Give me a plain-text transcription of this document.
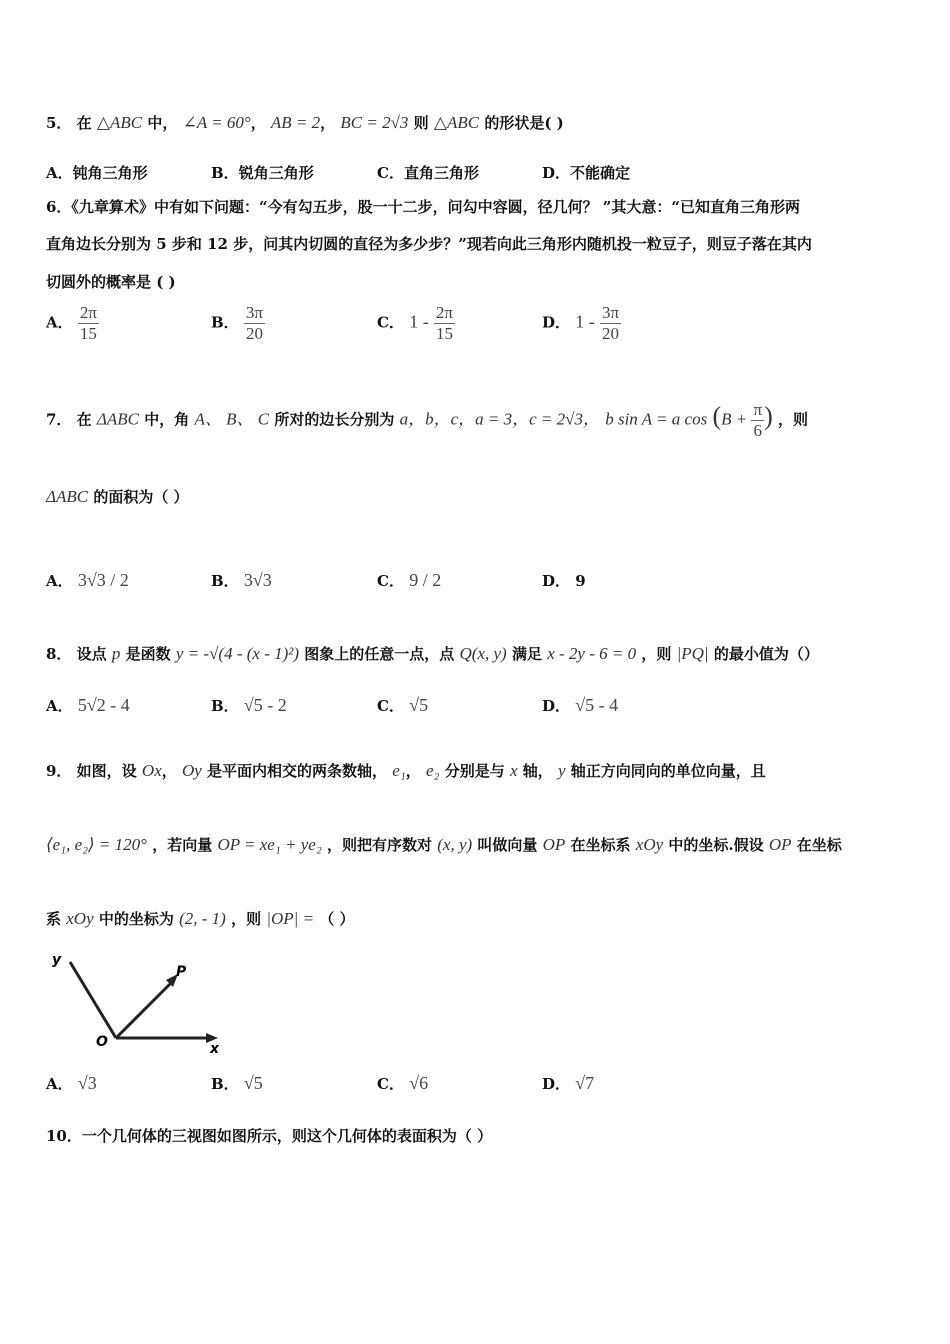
5． 在 △ABC 中， ∠A = 60°， AB = 2， BC = 2√3 则 △ABC 的形状是( )
A．钝角三角形	B．锐角三角形	C．直角三角形	D．不能确定
6．《九章算术》中有如下问题：“今有勾五步，股一十二步，问勾中容圆，径几何？ ”其大意：“已知直角三角形两
直角边长分别为 5 步和 12 步，问其内切圆的直径为多少步？”现若向此三角形内随机投一粒豆子，则豆子落在其内
切圆外的概率是 ( )
A． $\frac{2\pi}{15}$	B． $\frac{3\pi}{20}$	C． $1 - \frac{2\pi}{15}$	D． $1 - \frac{3\pi}{20}$
7． 在 ΔABC 中，角 A、 B、 C 所对的边长分别为 a，b，c，a = 3，c = 2√3， b sin A = a $\cos (B + \frac{\pi}{6}$ ) ，则
ΔABC 的面积为（ ）
A． 3√3 / 2	B． 3√3	C． 9 / 2	D． 9
8． 设点 p 是函数 y = -√(4 - (x - 1)²) 图象上的任意一点，点 Q(x, y) 满足 x - 2y - 6 = 0 ，则 |PQ| 的最小值为（）
A． 5√2 - 4	B． √5 - 2	C． √5	D． √5 - 4
9． 如图，设 Ox， Oy 是平面内相交的两条数轴， e₁， e₂ 分别是与 x 轴， y 轴正方向同向的单位向量，且
⟨e₁, e₂⟩ = 120° ，若向量 OP = xe₁ + ye₂ ，则把有序数对 (x, y) 叫做向量 OP 在坐标系 xOy 中的坐标.假设 OP 在坐标
系 xOy 中的坐标为 (2, - 1) ，则 |OP| = （ ）
y
P
O	x
A． √3	B． √5	C． √6	D． √7
10．一个几何体的三视图如图所示，则这个几何体的表面积为（ ）
